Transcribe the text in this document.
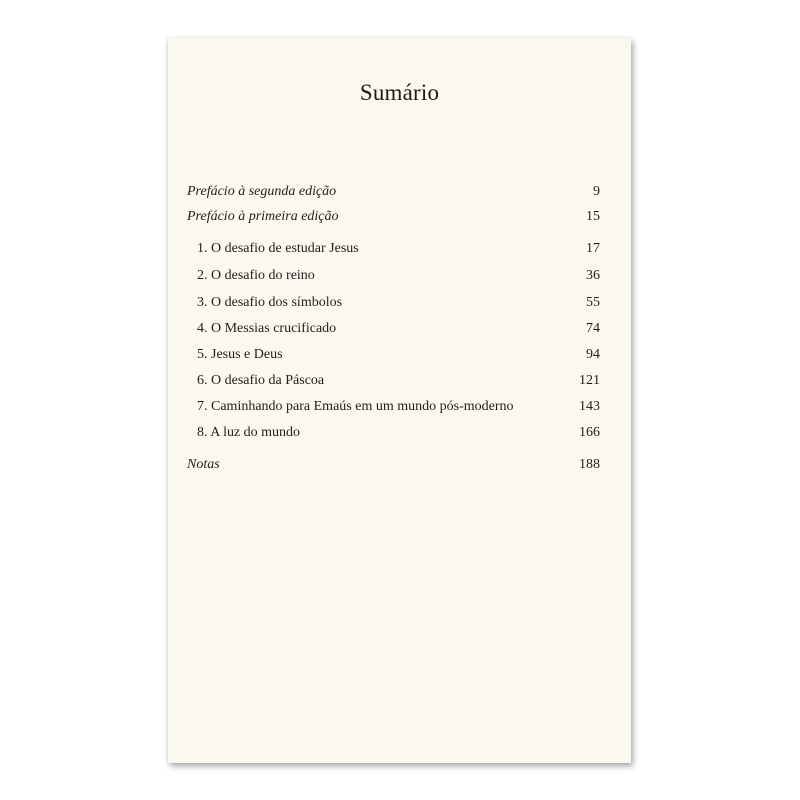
Sumário
Prefácio à segunda edição	9
Prefácio à primeira edição	15
1. O desafio de estudar Jesus	17
2. O desafio do reino	36
3. O desafio dos símbolos	55
4. O Messias crucificado	74
5. Jesus e Deus	94
6. O desafio da Páscoa	121
7. Caminhando para Emaús em um mundo pós-moderno	143
8. A luz do mundo	166
Notas	188
